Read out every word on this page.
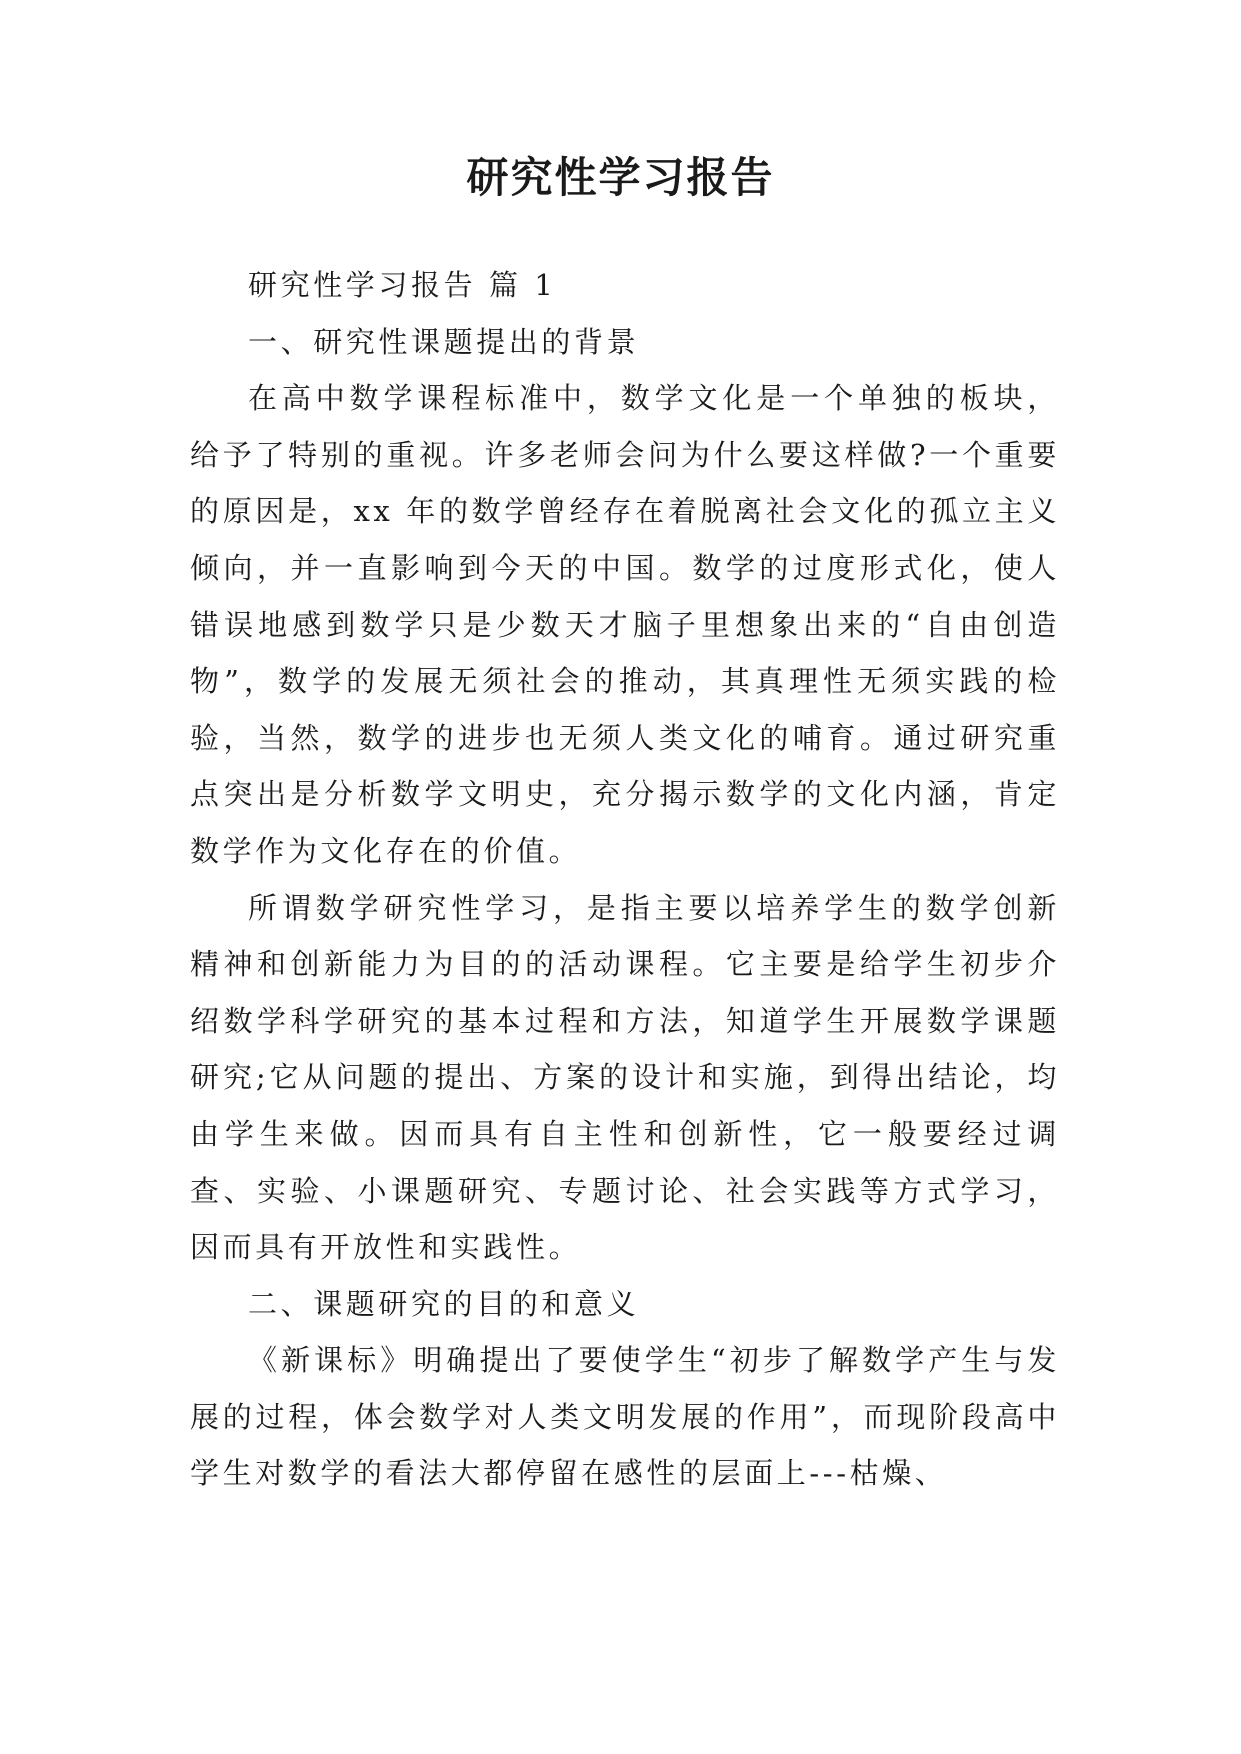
研究性学习报告

研究性学习报告 篇 1

一、研究性课题提出的背景

在高中数学课程标准中，数学文化是一个单独的板块，给予了特别的重视。许多老师会问为什么要这样做?一个重要的原因是，xx 年的数学曾经存在着脱离社会文化的孤立主义倾向，并一直影响到今天的中国。数学的过度形式化，使人错误地感到数学只是少数天才脑子里想象出来的“自由创造物”，数学的发展无须社会的推动，其真理性无须实践的检验，当然，数学的进步也无须人类文化的哺育。通过研究重点突出是分析数学文明史，充分揭示数学的文化内涵，肯定数学作为文化存在的价值。

所谓数学研究性学习，是指主要以培养学生的数学创新精神和创新能力为目的的活动课程。它主要是给学生初步介绍数学科学研究的基本过程和方法，知道学生开展数学课题研究;它从问题的提出、方案的设计和实施，到得出结论，均由学生来做。因而具有自主性和创新性，它一般要经过调查、实验、小课题研究、专题讨论、社会实践等方式学习，因而具有开放性和实践性。

二、课题研究的目的和意义

《新课标》明确提出了要使学生“初步了解数学产生与发展的过程，体会数学对人类文明发展的作用”，而现阶段高中学生对数学的看法大都停留在感性的层面上---枯燥、
